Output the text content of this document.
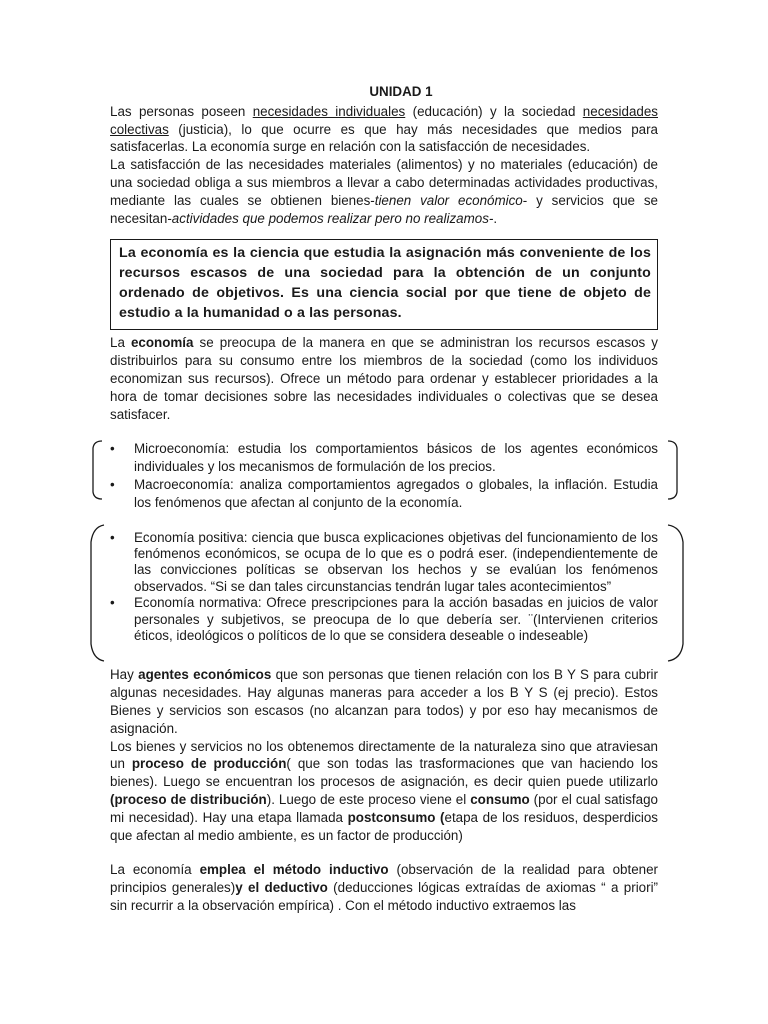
UNIDAD 1

Las personas poseen necesidades individuales (educación) y la sociedad necesidades colectivas (justicia), lo que ocurre es que hay más necesidades que medios para satisfacerlas. La economía surge en relación con la satisfacción de necesidades.

La satisfacción de las necesidades materiales (alimentos) y no materiales (educación) de una sociedad obliga a sus miembros a llevar a cabo determinadas actividades productivas, mediante las cuales se obtienen bienes-tienen valor económico- y servicios que se necesitan-actividades que podemos realizar pero no realizamos-.

La economía es la ciencia que estudia la asignación más conveniente de los recursos escasos de una sociedad para la obtención de un conjunto ordenado de objetivos. Es una ciencia social por que tiene de objeto de estudio a la humanidad o a las personas.

La economía se preocupa de la manera en que se administran los recursos escasos y distribuirlos para su consumo entre los miembros de la sociedad (como los individuos economizan sus recursos). Ofrece un método para ordenar y establecer prioridades a la hora de tomar decisiones sobre las necesidades individuales o colectivas que se desea satisfacer.

• Microeconomía: estudia los comportamientos básicos de los agentes económicos individuales y los mecanismos de formulación de los precios.
• Macroeconomía: analiza comportamientos agregados o globales, la inflación. Estudia los fenómenos que afectan al conjunto de la economía.
• Economía positiva: ciencia que busca explicaciones objetivas del funcionamiento de los fenómenos económicos, se ocupa de lo que es o podrá eser. (independientemente de las convicciones políticas se observan los hechos y se evalúan los fenómenos observados. “Si se dan tales circunstancias tendrán lugar tales acontecimientos”
• Economía normativa: Ofrece prescripciones para la acción basadas en juicios de valor personales y subjetivos, se preocupa de lo que debería ser. ¨(Intervienen criterios éticos, ideológicos o políticos de lo que se considera deseable o indeseable)

Hay agentes económicos que son personas que tienen relación con los B Y S para cubrir algunas necesidades. Hay algunas maneras para acceder a los B Y S (ej precio). Estos Bienes y servicios son escasos (no alcanzan para todos) y por eso hay mecanismos de asignación.

Los bienes y servicios no los obtenemos directamente de la naturaleza sino que atraviesan un proceso de producción( que son todas las trasformaciones que van haciendo los bienes). Luego se encuentran los procesos de asignación, es decir quien puede utilizarlo (proceso de distribución). Luego de este proceso viene el consumo (por el cual satisfago mi necesidad). Hay una etapa llamada postconsumo (etapa de los residuos, desperdicios que afectan al medio ambiente, es un factor de producción)

La economía emplea el método inductivo (observación de la realidad para obtener principios generales)y el deductivo (deducciones lógicas extraídas de axiomas “ a priori” sin recurrir a la observación empírica) . Con el método inductivo extraemos las
